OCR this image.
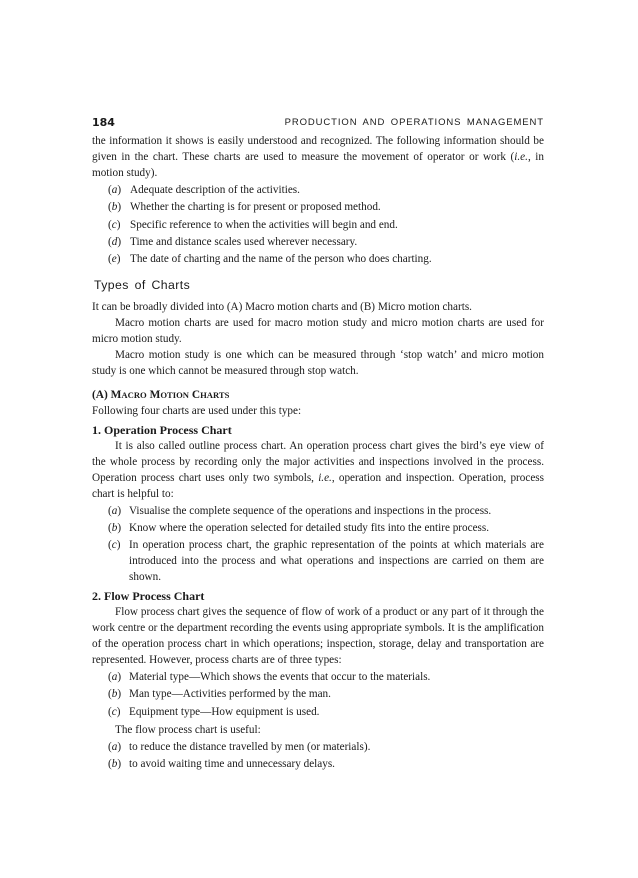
184	PRODUCTION AND OPERATIONS MANAGEMENT

the information it shows is easily understood and recognized. The following information should be given in the chart. These charts are used to measure the movement of operator or work (i.e., in motion study).

(a) Adequate description of the activities.
(b) Whether the charting is for present or proposed method.
(c) Specific reference to when the activities will begin and end.
(d) Time and distance scales used wherever necessary.
(e) The date of charting and the name of the person who does charting.
Types of Charts

It can be broadly divided into (A) Macro motion charts and (B) Micro motion charts.

Macro motion charts are used for macro motion study and micro motion charts are used for micro motion study.

Macro motion study is one which can be measured through ‘stop watch’ and micro motion study is one which cannot be measured through stop watch.

(A) MACRO MOTION CHARTS

Following four charts are used under this type:

1. Operation Process Chart

It is also called outline process chart. An operation process chart gives the bird’s eye view of the whole process by recording only the major activities and inspections involved in the process. Operation process chart uses only two symbols, i.e., operation and inspection. Operation, process chart is helpful to:

(a) Visualise the complete sequence of the operations and inspections in the process.
(b) Know where the operation selected for detailed study fits into the entire process.
(c) In operation process chart, the graphic representation of the points at which materials are introduced into the process and what operations and inspections are carried on them are shown.
2. Flow Process Chart

Flow process chart gives the sequence of flow of work of a product or any part of it through the work centre or the department recording the events using appropriate symbols. It is the amplification of the operation process chart in which operations; inspection, storage, delay and transportation are represented. However, process charts are of three types:

(a) Material type—Which shows the events that occur to the materials.
(b) Man type—Activities performed by the man.
(c) Equipment type—How equipment is used.

The flow process chart is useful:

(a) to reduce the distance travelled by men (or materials).
(b) to avoid waiting time and unnecessary delays.
